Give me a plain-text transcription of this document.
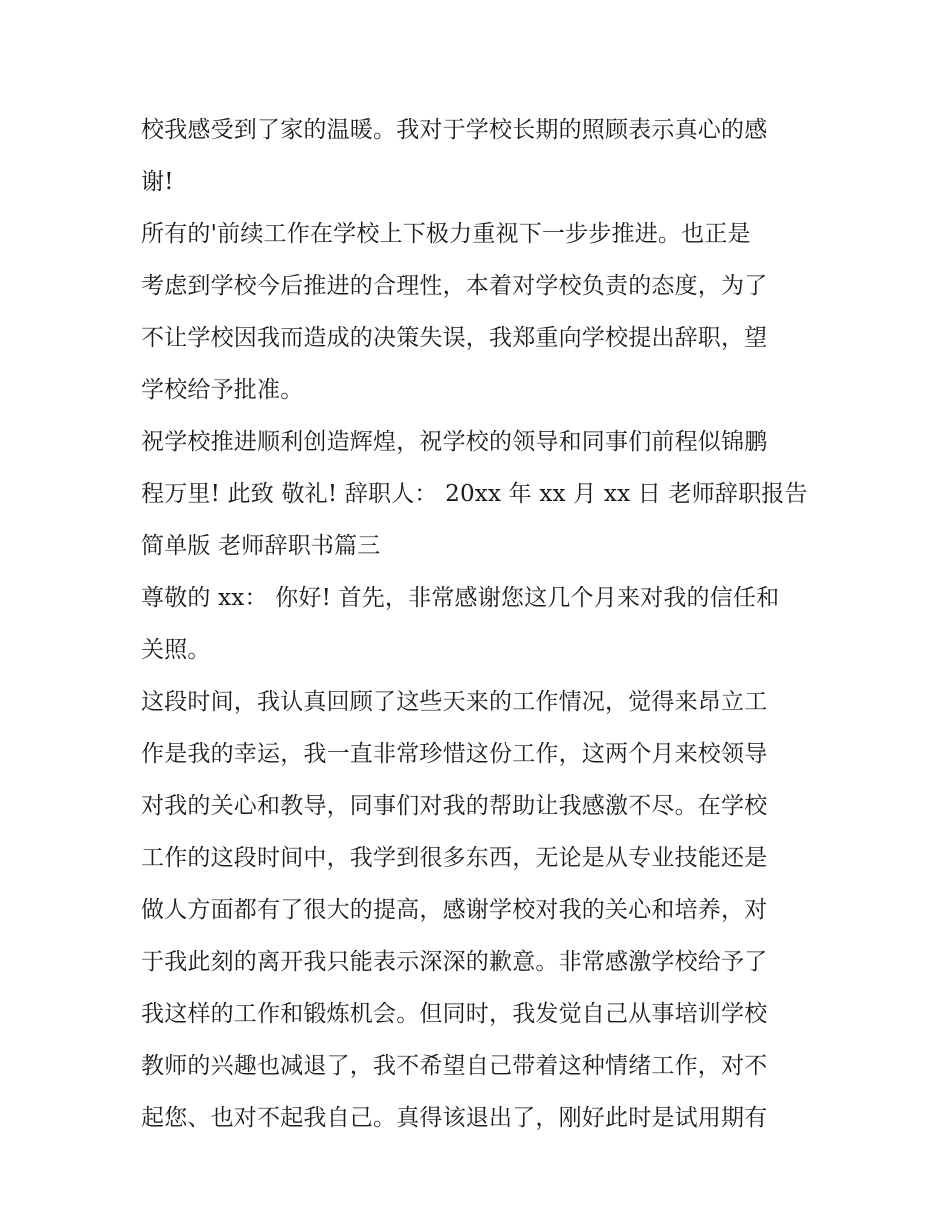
校我感受到了家的温暖。我对于学校长期的照顾表示真心的感
谢!
所有的'前续工作在学校上下极力重视下一步步推进。也正是
考虑到学校今后推进的合理性，本着对学校负责的态度，为了
不让学校因我而造成的决策失误，我郑重向学校提出辞职，望
学校给予批准。
祝学校推进顺利创造辉煌，祝学校的领导和同事们前程似锦鹏
程万里! 此致 敬礼! 辞职人： 20xx 年 xx 月 xx 日 老师辞职报告
简单版 老师辞职书篇三
尊敬的 xx： 你好! 首先，非常感谢您这几个月来对我的信任和
关照。
这段时间，我认真回顾了这些天来的工作情况，觉得来昂立工
作是我的幸运，我一直非常珍惜这份工作，这两个月来校领导
对我的关心和教导，同事们对我的帮助让我感激不尽。在学校
工作的这段时间中，我学到很多东西，无论是从专业技能还是
做人方面都有了很大的提高，感谢学校对我的关心和培养，对
于我此刻的离开我只能表示深深的歉意。非常感激学校给予了
我这样的工作和锻炼机会。但同时，我发觉自己从事培训学校
教师的兴趣也减退了，我不希望自己带着这种情绪工作，对不
起您、也对不起我自己。真得该退出了，刚好此时是试用期有
